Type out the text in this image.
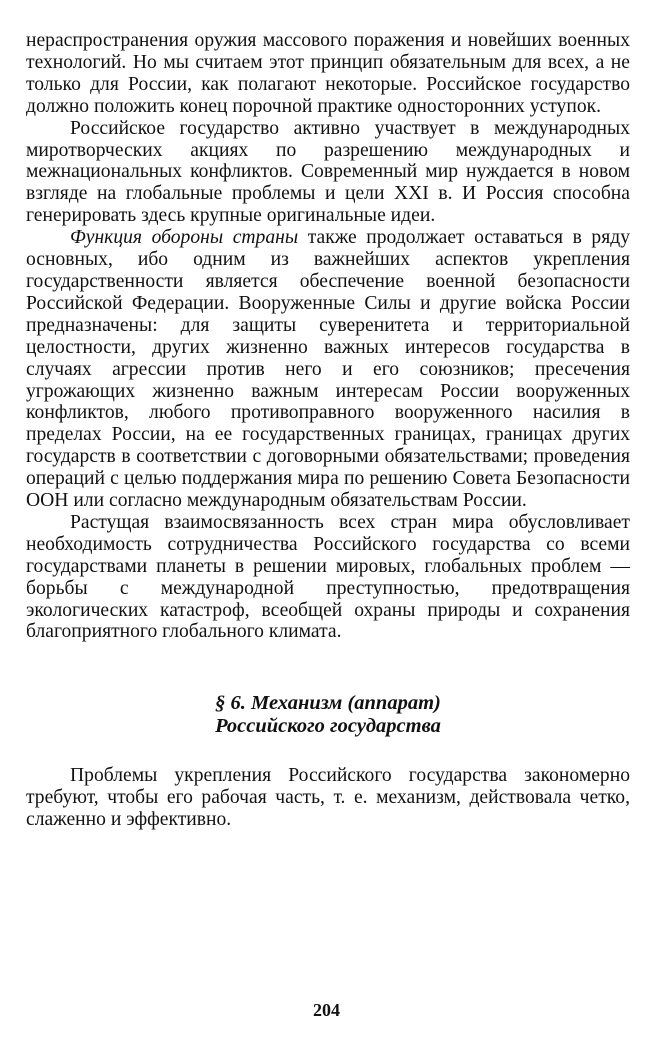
нераспространения оружия массового поражения и новейших военных технологий. Но мы считаем этот принцип обязательным для всех, а не только для России, как полагают некоторые. Российское государство должно положить конец порочной практике односторонних уступок.

Российское государство активно участвует в международных миротворческих акциях по разрешению международных и межнациональных конфликтов. Современный мир нуждается в новом взгляде на глобальные проблемы и цели XXI в. И Россия способна генерировать здесь крупные оригинальные идеи.

Функция обороны страны также продолжает оставаться в ряду основных, ибо одним из важнейших аспектов укрепления государственности является обеспечение военной безопасности Российской Федерации. Вооруженные Силы и другие войска России предназначены: для защиты суверенитета и территориальной целостности, других жизненно важных интересов государства в случаях агрессии против него и его союзников; пресечения угрожающих жизненно важным интересам России вооруженных конфликтов, любого противоправного вооруженного насилия в пределах России, на ее государственных границах, границах других государств в соответствии с договорными обязательствами; проведения операций с целью поддержания мира по решению Совета Безопасности ООН или согласно международным обязательствам России.

Растущая взаимосвязанность всех стран мира обусловливает необходимость сотрудничества Российского государства со всеми государствами планеты в решении мировых, глобальных проблем — борьбы с международной преступностью, предотвращения экологических катастроф, всеобщей охраны природы и сохранения благоприятного глобального климата.

§ 6. Механизм (аппарат)
Российского государства

Проблемы укрепления Российского государства закономерно требуют, чтобы его рабочая часть, т. е. механизм, действовала четко, слаженно и эффективно.

204
